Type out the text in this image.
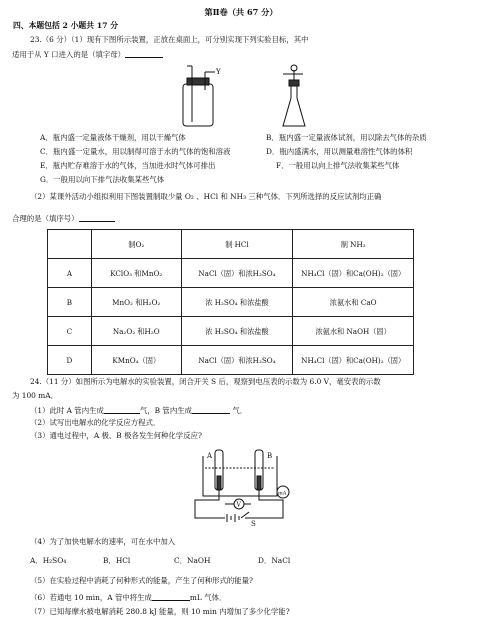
第Ⅱ卷（共 67 分）
四、本题包括 2 小题共 17 分
23.（6 分）（1）现有下图所示装置，正放在桌面上，可分别实现下列实验目标，其中
适用于从 Y 口进入的是（填字母）
Y
A．瓶内盛一定量液体干燥剂，用以干燥气体	B．瓶内盛一定量液体试剂，用以除去气体的杂质
C．瓶内盛一定量水，用以制得可溶于水的气体的饱和溶液	D．瓶内盛满水，用以测量难溶性气体的体积
E．瓶内贮存难溶于水的气体，当加进水时气体可排出	F．一般用以向上排气法收集某些气体
G．一般用以向下排气法收集某些气体
（2）某课外活动小组拟利用下图装置制取少量 O₂ 、HCl 和 NH₃ 三种气体．下列所选择的反应试剂均正确
合理的是（填序号）
	制O₂	制 HCl	制 NH₃
A	KClO₃ 和MnO₂	NaCl（固）和浓H₂SO₄	NH₄Cl（固）和Ca(OH)₂（固）
B	MnO₂ 和H₂O₂	浓 H₂SO₄ 和浓盐酸	浓氨水和 CaO
C	Na₂O₂ 和H₂O	浓 H₂SO₄ 和浓盐酸	浓氨水和 NaOH（固）
D	KMnO₄（固）	NaCl（固）和浓H₂SO₄	NH₄Cl（固）和Ca(OH)₂（固）
24.（11 分）如图所示为电解水的实验装置，闭合开关 S 后，观察到电压表的示数为 6.0 V，毫安表的示数
为 100 mA．
（1）此时 A 管内生成	气，B 管内生成	气．
（2）试写出电解水的化学反应方程式．
（3）通电过程中，A 极、B 极各发生何种化学反应?
A	B
V
mA
S
（4）为了加快电解水的速率，可在水中加入
A．H₂SO₄	B．HCl	C．NaOH	D．NaCl
（5）在实验过程中消耗了何种形式的能量，产生了何种形式的能量?
（6）若通电 10 min，A 管中将生成	mL 气体．
（7）已知每摩水被电解消耗 280.8 kJ 能量，则 10 min 内增加了多少化学能?
